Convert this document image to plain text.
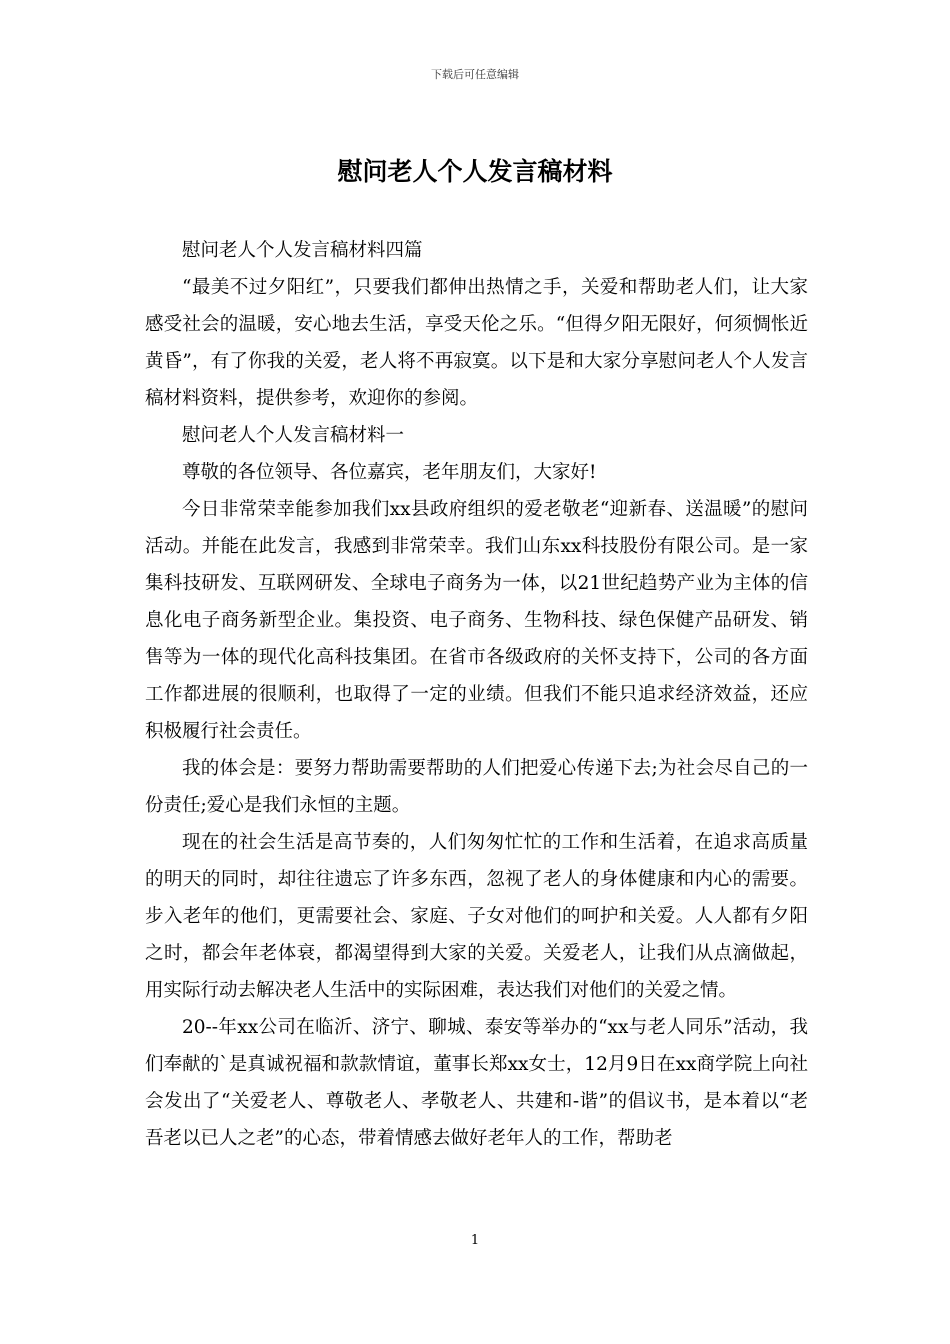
下载后可任意编辑
慰问老人个人发言稿材料

慰问老人个人发言稿材料四篇

“最美不过夕阳红”，只要我们都伸出热情之手，关爱和帮助老人们，让大家感受社会的温暖，安心地去生活，享受天伦之乐。“但得夕阳无限好，何须惆怅近黄昏”，有了你我的关爱，老人将不再寂寞。以下是和大家分享慰问老人个人发言稿材料资料，提供参考，欢迎你的参阅。

慰问老人个人发言稿材料一

尊敬的各位领导、各位嘉宾，老年朋友们，大家好!

今日非常荣幸能参加我们xx县政府组织的爱老敬老“迎新春、送温暖”的慰问活动。并能在此发言，我感到非常荣幸。我们山东xx科技股份有限公司。是一家集科技研发、互联网研发、全球电子商务为一体，以21世纪趋势产业为主体的信息化电子商务新型企业。集投资、电子商务、生物科技、绿色保健产品研发、销售等为一体的现代化高科技集团。在省市各级政府的关怀支持下，公司的各方面工作都进展的很顺利，也取得了一定的业绩。但我们不能只追求经济效益，还应积极履行社会责任。

我的体会是：要努力帮助需要帮助的人们把爱心传递下去;为社会尽自己的一份责任;爱心是我们永恒的主题。

现在的社会生活是高节奏的，人们匆匆忙忙的工作和生活着，在追求高质量的明天的同时，却往往遗忘了许多东西，忽视了老人的身体健康和内心的需要。步入老年的他们，更需要社会、家庭、子女对他们的呵护和关爱。人人都有夕阳之时，都会年老体衰，都渴望得到大家的关爱。关爱老人，让我们从点滴做起，用实际行动去解决老人生活中的实际困难，表达我们对他们的关爱之情。

20--年xx公司在临沂、济宁、聊城、泰安等举办的“xx与老人同乐”活动，我们奉献的`是真诚祝福和款款情谊，董事长郑xx女士，12月9日在xx商学院上向社会发出了“关爱老人、尊敬老人、孝敬老人、共建和-谐”的倡议书，是本着以“老吾老以已人之老”的心态，带着情感去做好老年人的工作，帮助老

1
